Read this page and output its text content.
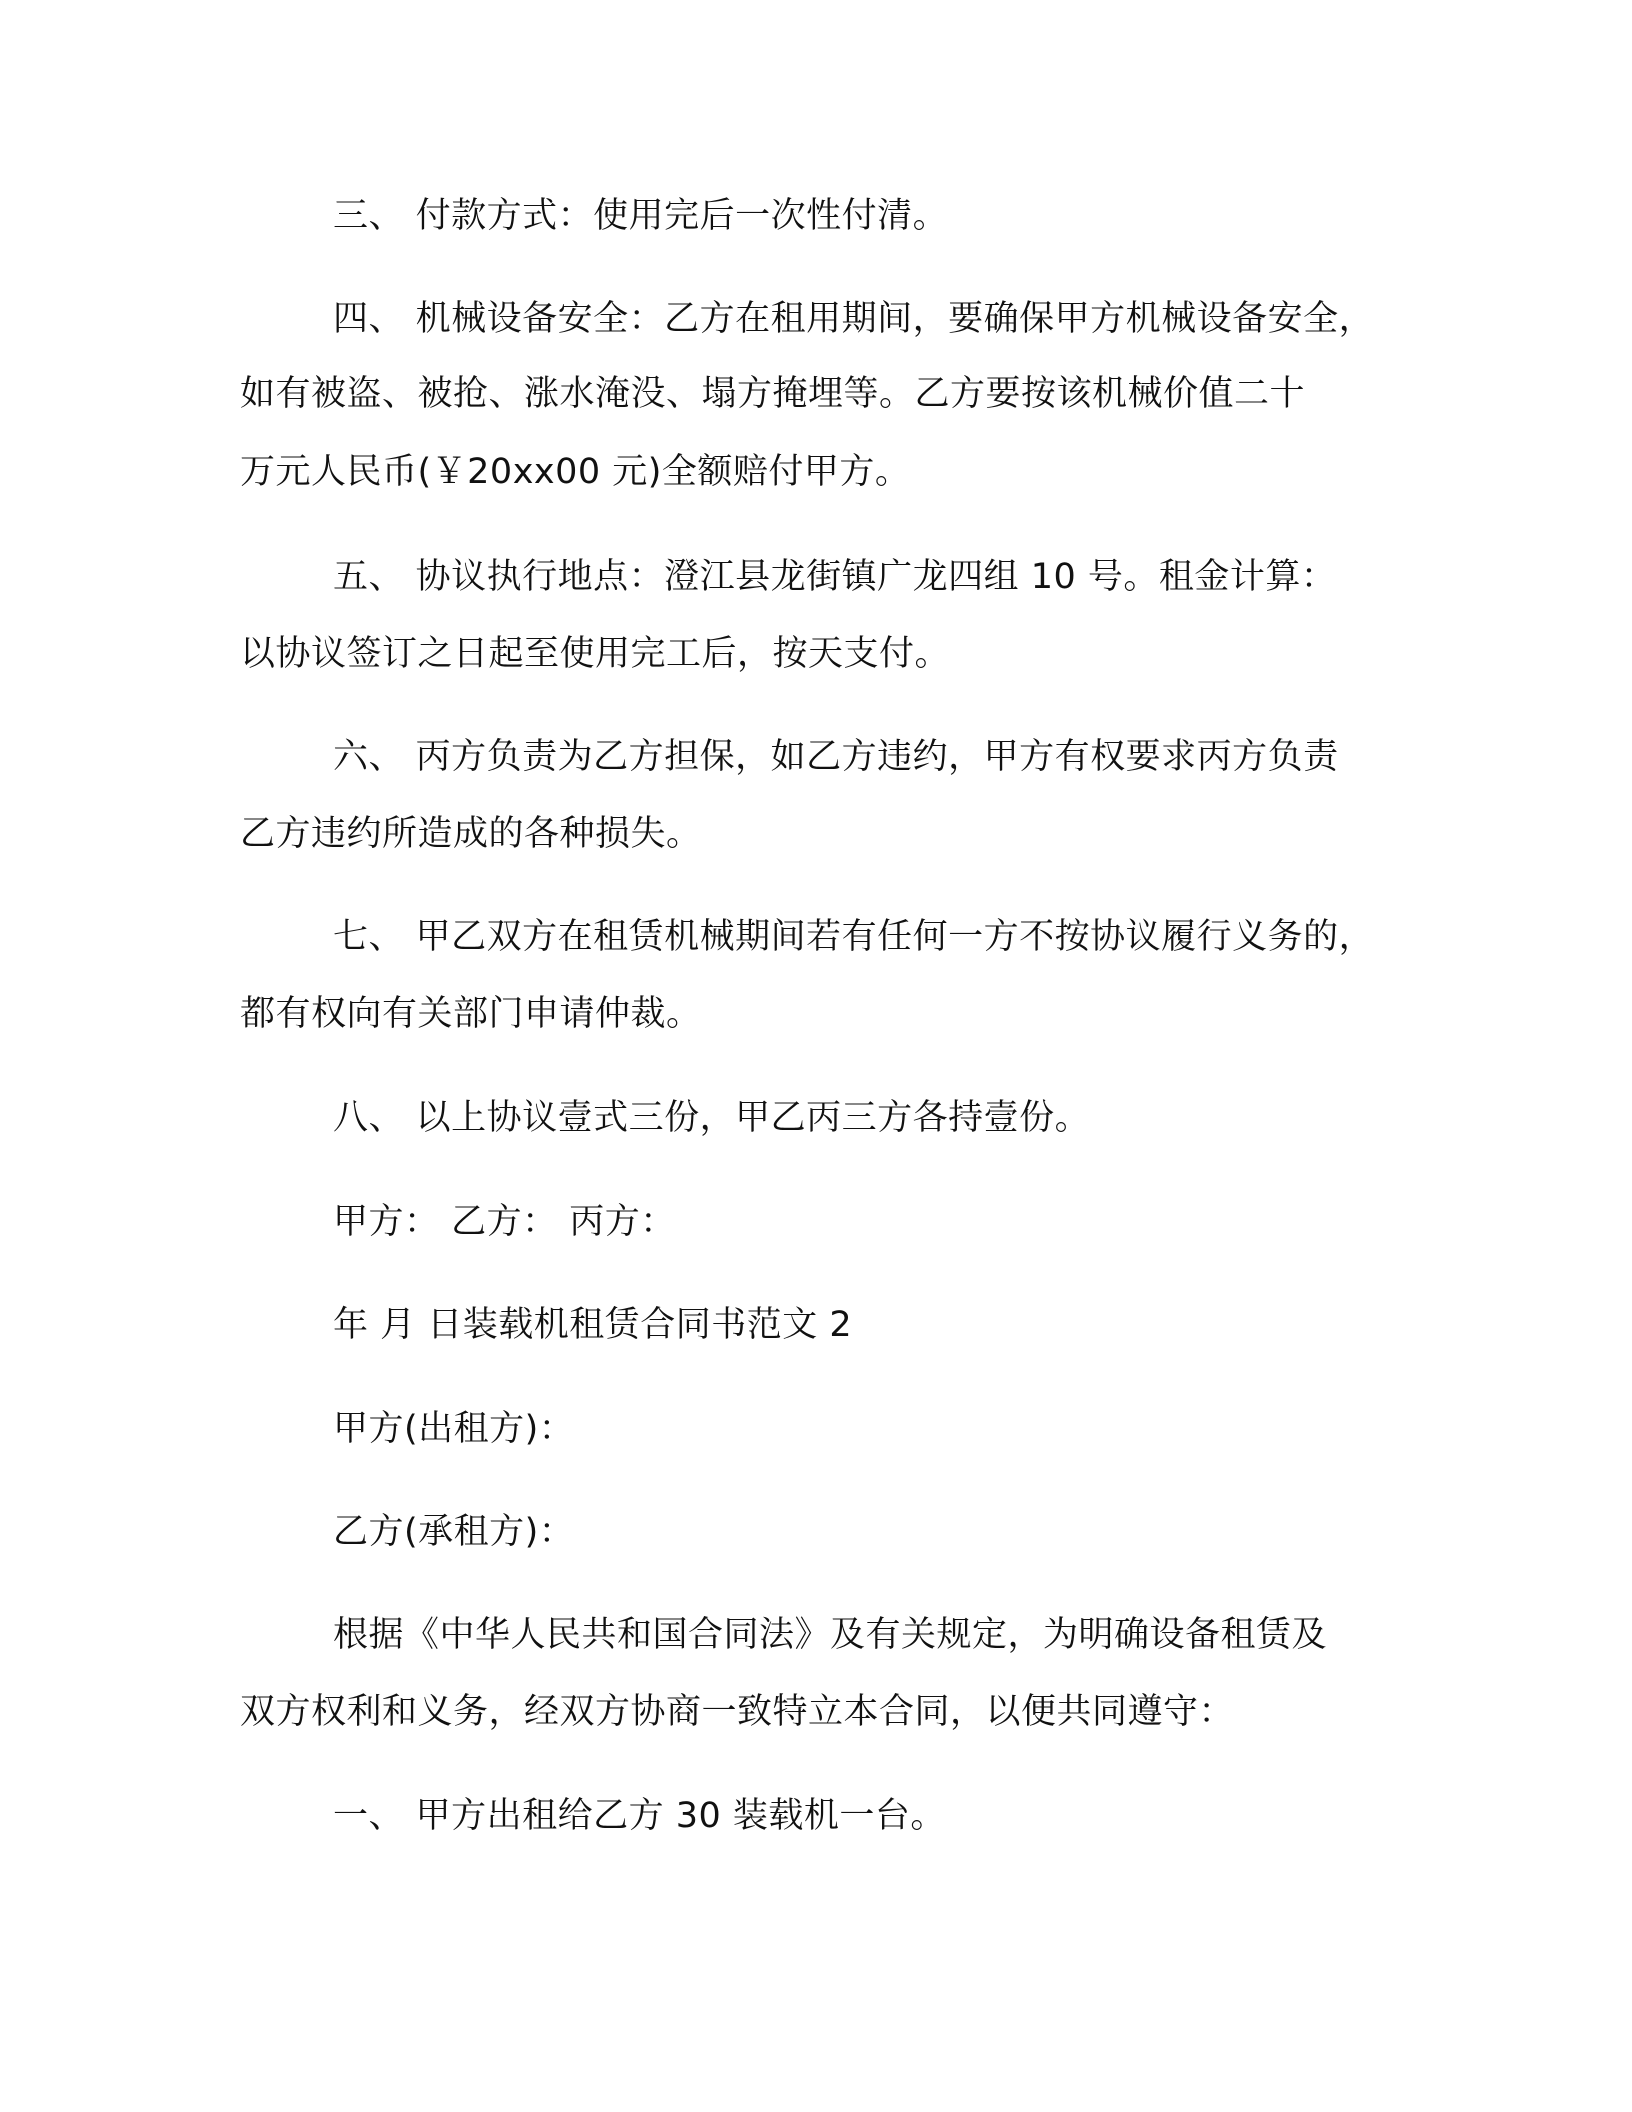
三、 付款方式：使用完后一次性付清。
四、 机械设备安全：乙方在租用期间，要确保甲方机械设备安全，
如有被盗、被抢、涨水淹没、塌方掩埋等。乙方要按该机械价值二十
万元人民币(￥20xx00 元)全额赔付甲方。
五、 协议执行地点：澄江县龙街镇广龙四组 10 号。租金计算：
以协议签订之日起至使用完工后，按天支付。
六、 丙方负责为乙方担保，如乙方违约，甲方有权要求丙方负责
乙方违约所造成的各种损失。
七、 甲乙双方在租赁机械期间若有任何一方不按协议履行义务的，
都有权向有关部门申请仲裁。
八、 以上协议壹式三份，甲乙丙三方各持壹份。
甲方： 乙方： 丙方：
年 月 日装载机租赁合同书范文 2
甲方(出租方)：
乙方(承租方)：
根据《中华人民共和国合同法》及有关规定，为明确设备租赁及
双方权利和义务，经双方协商一致特立本合同，以便共同遵守：
一、 甲方出租给乙方 30 装载机一台。
